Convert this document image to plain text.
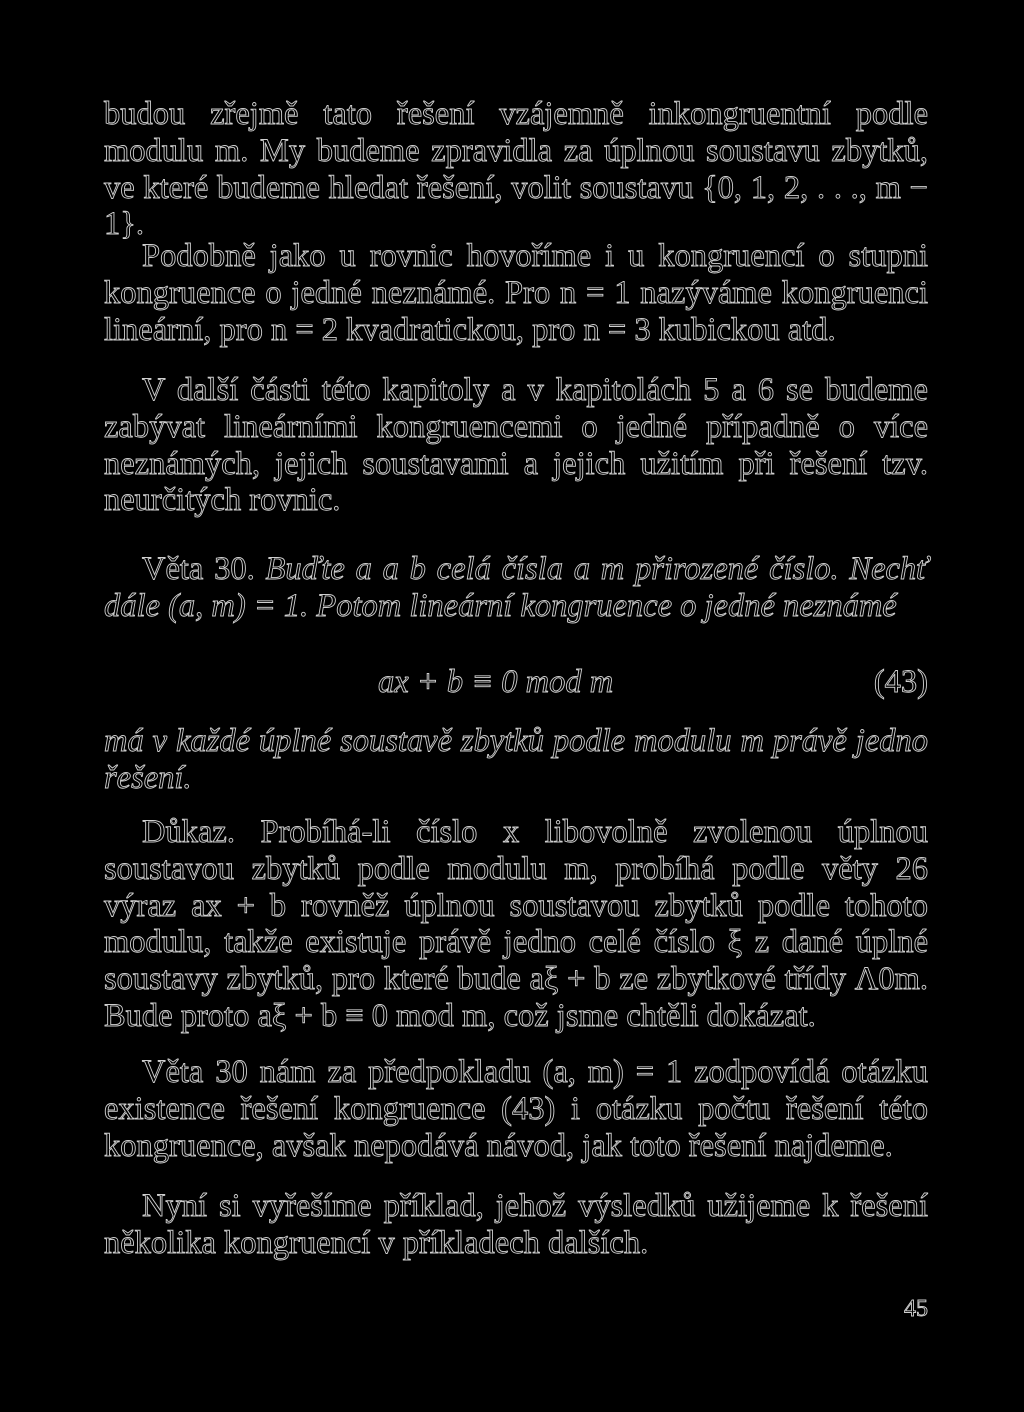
budou zřejmě tato řešení vzájemně inkongruentní podle modulu m. My budeme zpravidla za úplnou soustavu zbytků, ve které budeme hledat řešení, volit soustavu {0, 1, 2, . . ., m − 1}.

Podobně jako u rovnic hovoříme i u kongruencí o stupni kongruence o jedné neznámé. Pro n = 1 nazýváme kongruenci lineární, pro n = 2 kvadratickou, pro n = 3 kubickou atd.

V další části této kapitoly a v kapitolách 5 a 6 se budeme zabývat lineárními kongruencemi o jedné případně o více neznámých, jejich soustavami a jejich užitím při řešení tzv. neurčitých rovnic.

Věta 30. Buďte a a b celá čísla a m přirozené číslo. Nechť dále (a, m) = 1. Potom lineární kongruence o jedné neznámé

ax + b ≡ 0 mod m	(43)

má v každé úplné soustavě zbytků podle modulu m právě jedno řešení.

Důkaz. Probíhá-li číslo x libovolně zvolenou úplnou soustavou zbytků podle modulu m, probíhá podle věty 26 výraz ax + b rovněž úplnou soustavou zbytků podle tohoto modulu, takže existuje právě jedno celé číslo ξ z dané úplné soustavy zbytků, pro které bude aξ + b ze zbytkové třídy Λ0m. Bude proto aξ + b ≡ 0 mod m, což jsme chtěli dokázat.

Věta 30 nám za předpokladu (a, m) = 1 zodpovídá otázku existence řešení kongruence (43) i otázku počtu řešení této kongruence, avšak nepodává návod, jak toto řešení najdeme.

Nyní si vyřešíme příklad, jehož výsledků užijeme k řešení několika kongruencí v příkladech dalších.

45
